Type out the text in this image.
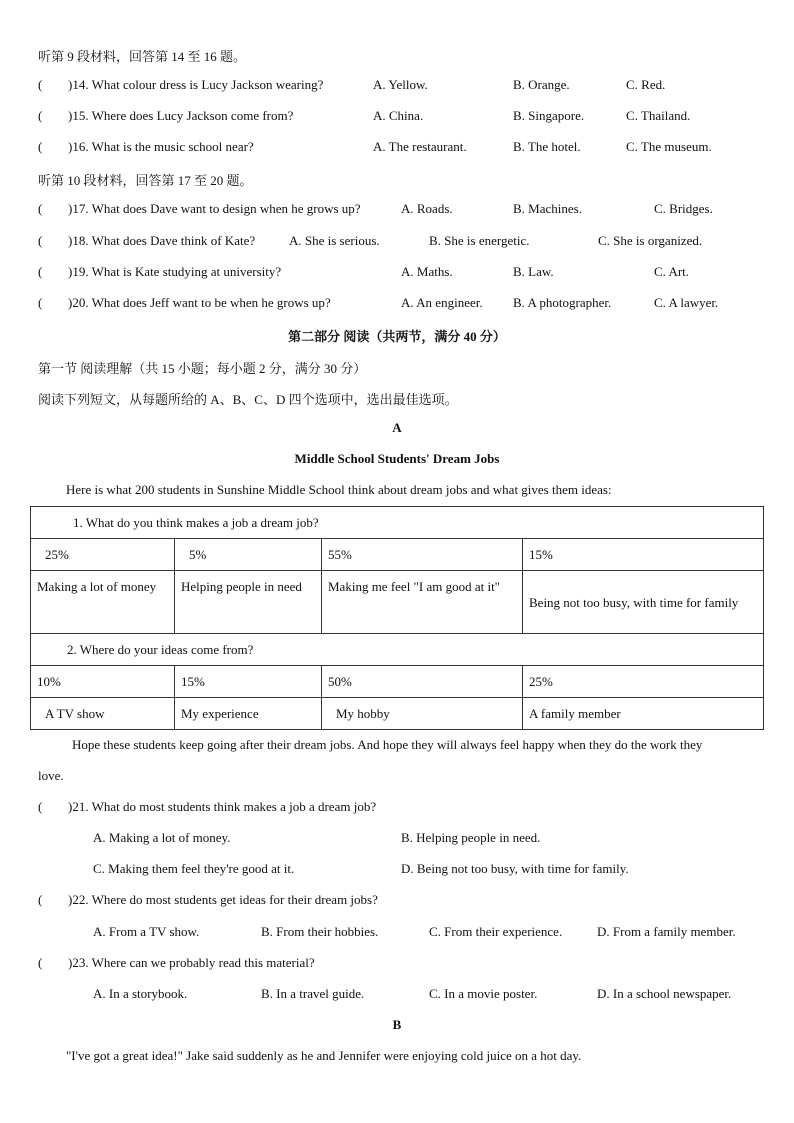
听第 9 段材料，回答第 14 至 16 题。
( )14. What colour dress is Lucy Jackson wearing?	A. Yellow.	B. Orange.	C. Red.
( )15. Where does Lucy Jackson come from?	A. China.	B. Singapore.	C. Thailand.
( )16. What is the music school near?	A. The restaurant.	B. The hotel.	C. The museum.
听第 10 段材料，回答第 17 至 20 题。
( )17. What does Dave want to design when he grows up?	A. Roads.	B. Machines.	C. Bridges.
( )18. What does Dave think of Kate?	A. She is serious.	B. She is energetic.	C. She is organized.
( )19. What is Kate studying at university?	A. Maths.	B. Law.	C. Art.
( )20. What does Jeff want to be when he grows up?	A. An engineer. B. A photographer.	C. A lawyer.
第二部分 阅读（共两节，满分 40 分）
第一节 阅读理解（共 15 小题；每小题 2 分，满分 30 分）
阅读下列短文，从每题所给的 A、B、C、D 四个选项中，选出最佳选项。
A
Middle School Students' Dream Jobs
Here is what 200 students in Sunshine Middle School think about dream jobs and what gives them ideas:
1. What do you think makes a job a dream job?			
25%	5%	55%	15%
Making a lot of money	Helping people in need	Making me feel "I am good at it"	Being not too busy, with time for family
2. Where do your ideas come from?			
10%	15%	50%	25%
A TV show	My experience	My hobby	A family member
Hope these students keep going after their dream jobs. And hope they will always feel happy when they do the work they
love.
( )21. What do most students think makes a job a dream job?
A. Making a lot of money.	B. Helping people in need.
C. Making them feel they're good at it.	D. Being not too busy, with time for family.
( )22. Where do most students get ideas for their dream jobs?
A. From a TV show.	B. From their hobbies.	C. From their experience.	D. From a family member.
( )23. Where can we probably read this material?
A. In a storybook.	B. In a travel guide.	C. In a movie poster.	D. In a school newspaper.
B
"I've got a great idea!" Jake said suddenly as he and Jennifer were enjoying cold juice on a hot day.
